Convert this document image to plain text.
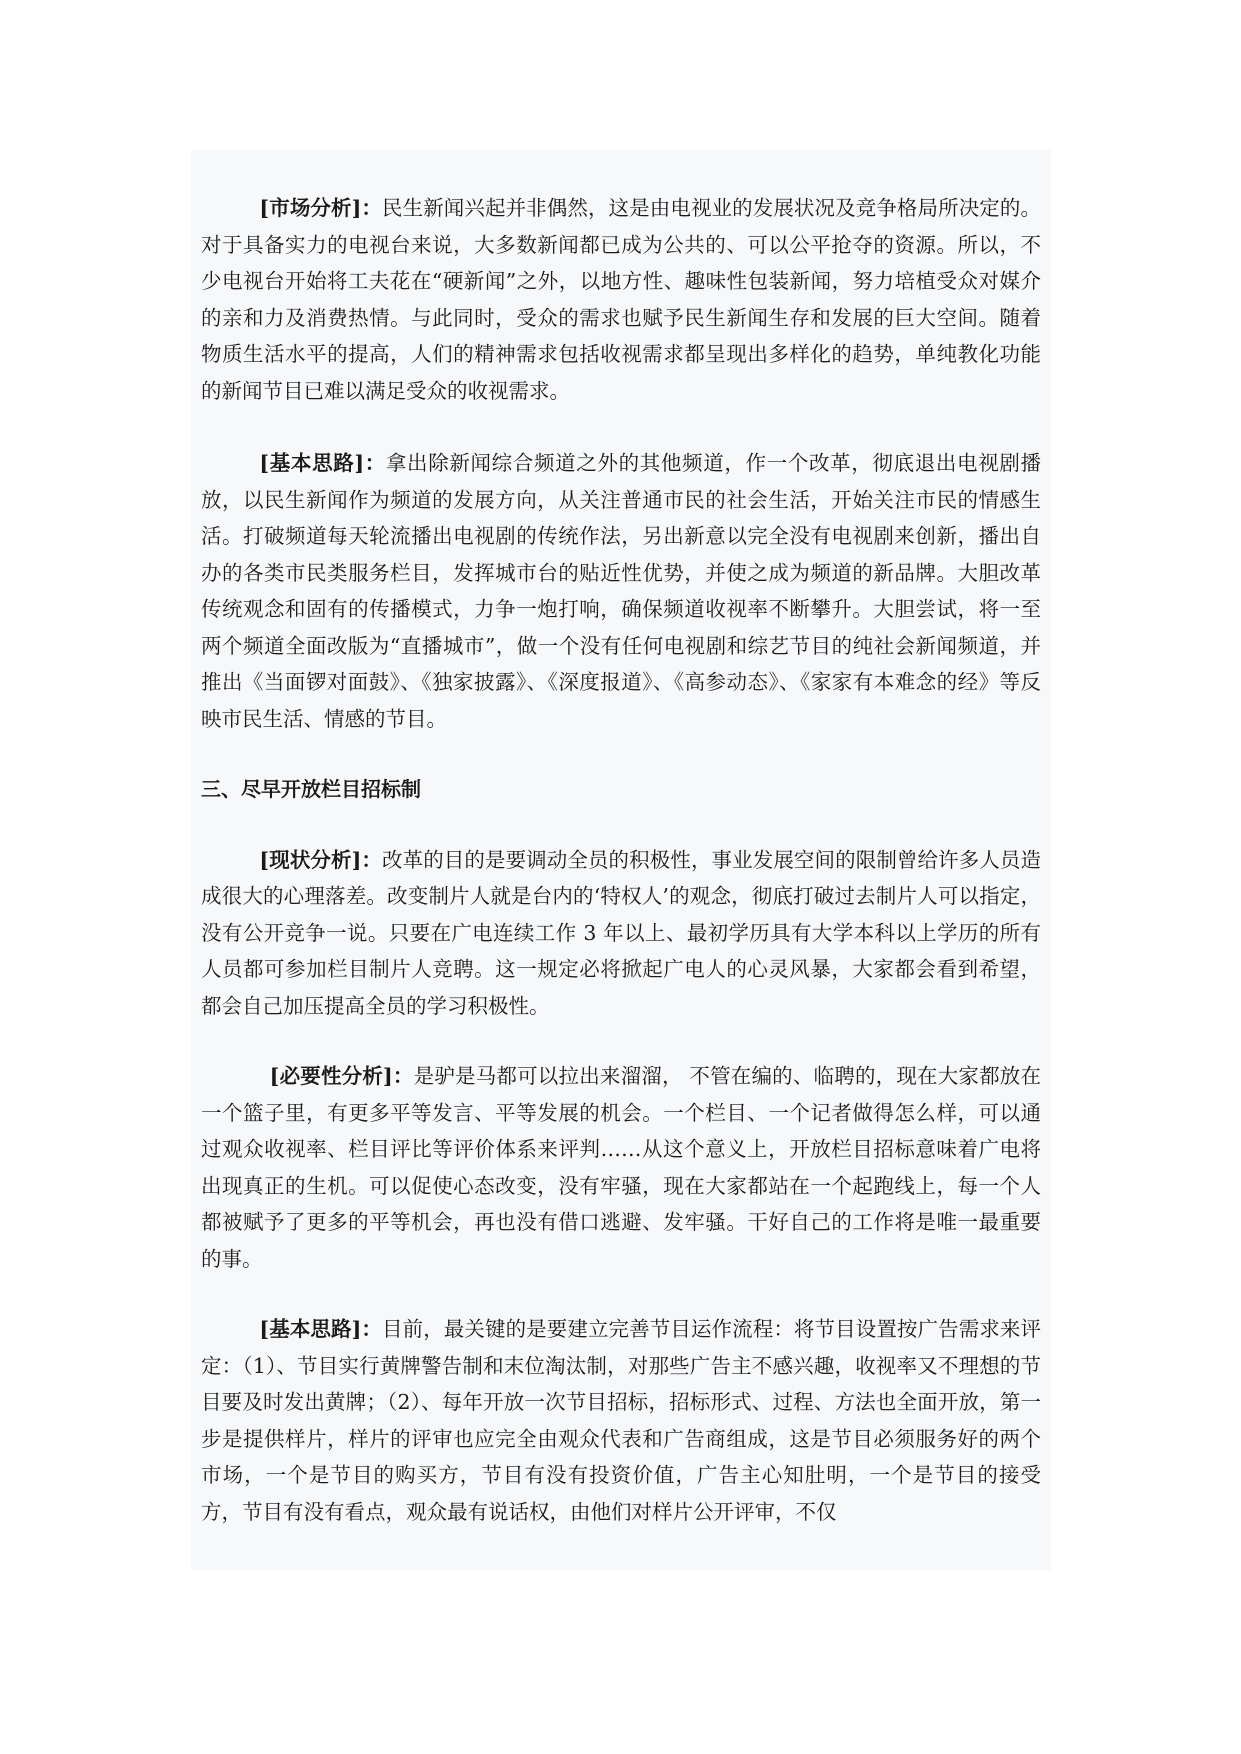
[市场分析]：民生新闻兴起并非偶然，这是由电视业的发展状况及竞争格局所决定的。对于具备实力的电视台来说，大多数新闻都已成为公共的、可以公平抢夺的资源。所以，不少电视台开始将工夫花在“硬新闻”之外，以地方性、趣味性包装新闻，努力培植受众对媒介的亲和力及消费热情。与此同时，受众的需求也赋予民生新闻生存和发展的巨大空间。随着物质生活水平的提高，人们的精神需求包括收视需求都呈现出多样化的趋势，单纯教化功能的新闻节目已难以满足受众的收视需求。

[基本思路]：拿出除新闻综合频道之外的其他频道，作一个改革，彻底退出电视剧播放，以民生新闻作为频道的发展方向，从关注普通市民的社会生活，开始关注市民的情感生活。打破频道每天轮流播出电视剧的传统作法，另出新意以完全没有电视剧来创新，播出自办的各类市民类服务栏目，发挥城市台的贴近性优势，并使之成为频道的新品牌。大胆改革传统观念和固有的传播模式，力争一炮打响，确保频道收视率不断攀升。大胆尝试，将一至两个频道全面改版为“直播城市”，做一个没有任何电视剧和综艺节目的纯社会新闻频道，并推出《当面锣对面鼓》、《独家披露》、《深度报道》、《高参动态》、《家家有本难念的经》等反映市民生活、情感的节目。

三、尽早开放栏目招标制

[现状分析]：改革的目的是要调动全员的积极性，事业发展空间的限制曾给许多人员造成很大的心理落差。改变制片人就是台内的‘特权人’的观念，彻底打破过去制片人可以指定，没有公开竞争一说。只要在广电连续工作 3 年以上、最初学历具有大学本科以上学历的所有人员都可参加栏目制片人竞聘。这一规定必将掀起广电人的心灵风暴，大家都会看到希望，都会自己加压提高全员的学习积极性。

[必要性分析]：是驴是马都可以拉出来溜溜， 不管在编的、临聘的，现在大家都放在一个篮子里，有更多平等发言、平等发展的机会。一个栏目、一个记者做得怎么样，可以通过观众收视率、栏目评比等评价体系来评判……从这个意义上，开放栏目招标意味着广电将出现真正的生机。可以促使心态改变，没有牢骚，现在大家都站在一个起跑线上，每一个人都被赋予了更多的平等机会，再也没有借口逃避、发牢骚。干好自己的工作将是唯一最重要的事。

[基本思路]：目前，最关键的是要建立完善节目运作流程：将节目设置按广告需求来评定：（1）、节目实行黄牌警告制和末位淘汰制，对那些广告主不感兴趣，收视率又不理想的节目要及时发出黄牌；（2）、每年开放一次节目招标，招标形式、过程、方法也全面开放，第一步是提供样片，样片的评审也应完全由观众代表和广告商组成，这是节目必须服务好的两个市场，一个是节目的购买方，节目有没有投资价值，广告主心知肚明，一个是节目的接受方，节目有没有看点，观众最有说话权，由他们对样片公开评审，不仅
